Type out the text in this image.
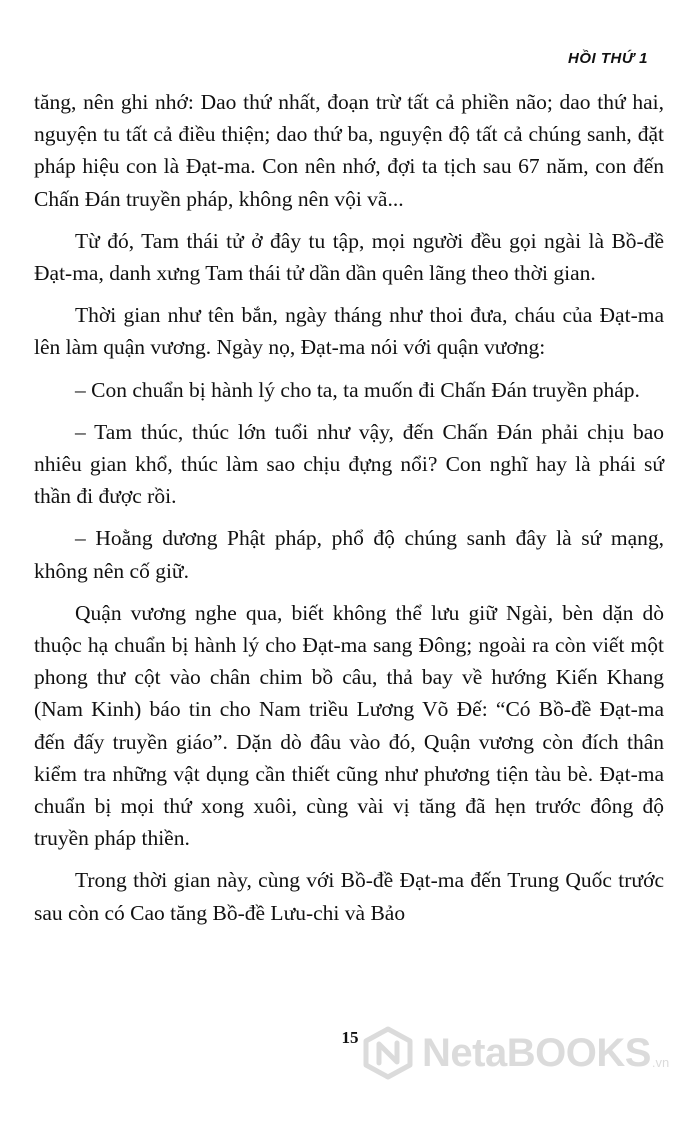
HỒI THỨ 1

tăng, nên ghi nhớ: Dao thứ nhất, đoạn trừ tất cả phiền não; dao thứ hai, nguyện tu tất cả điều thiện; dao thứ ba, nguyện độ tất cả chúng sanh, đặt pháp hiệu con là Đạt-ma. Con nên nhớ, đợi ta tịch sau 67 năm, con đến Chấn Đán truyền pháp, không nên vội vã...

Từ đó, Tam thái tử ở đây tu tập, mọi người đều gọi ngài là Bồ-đề Đạt-ma, danh xưng Tam thái tử dần dần quên lãng theo thời gian.

Thời gian như tên bắn, ngày tháng như thoi đưa, cháu của Đạt-ma lên làm quận vương. Ngày nọ, Đạt-ma nói với quận vương:

– Con chuẩn bị hành lý cho ta, ta muốn đi Chấn Đán truyền pháp.

– Tam thúc, thúc lớn tuổi như vậy, đến Chấn Đán phải chịu bao nhiêu gian khổ, thúc làm sao chịu đựng nổi? Con nghĩ hay là phái sứ thần đi được rồi.

– Hoằng dương Phật pháp, phổ độ chúng sanh đây là sứ mạng, không nên cố giữ.

Quận vương nghe qua, biết không thể lưu giữ Ngài, bèn dặn dò thuộc hạ chuẩn bị hành lý cho Đạt-ma sang Đông; ngoài ra còn viết một phong thư cột vào chân chim bồ câu, thả bay về hướng Kiến Khang (Nam Kinh) báo tin cho Nam triều Lương Võ Đế: “Có Bồ-đề Đạt-ma đến đấy truyền giáo”. Dặn dò đâu vào đó, Quận vương còn đích thân kiểm tra những vật dụng cần thiết cũng như phương tiện tàu bè. Đạt-ma chuẩn bị mọi thứ xong xuôi, cùng vài vị tăng đã hẹn trước đông độ truyền pháp thiền.

Trong thời gian này, cùng với Bồ-đề Đạt-ma đến Trung Quốc trước sau còn có Cao tăng Bồ-đề Lưu-chi và Bảo

15	NetaBOOKS .vn
